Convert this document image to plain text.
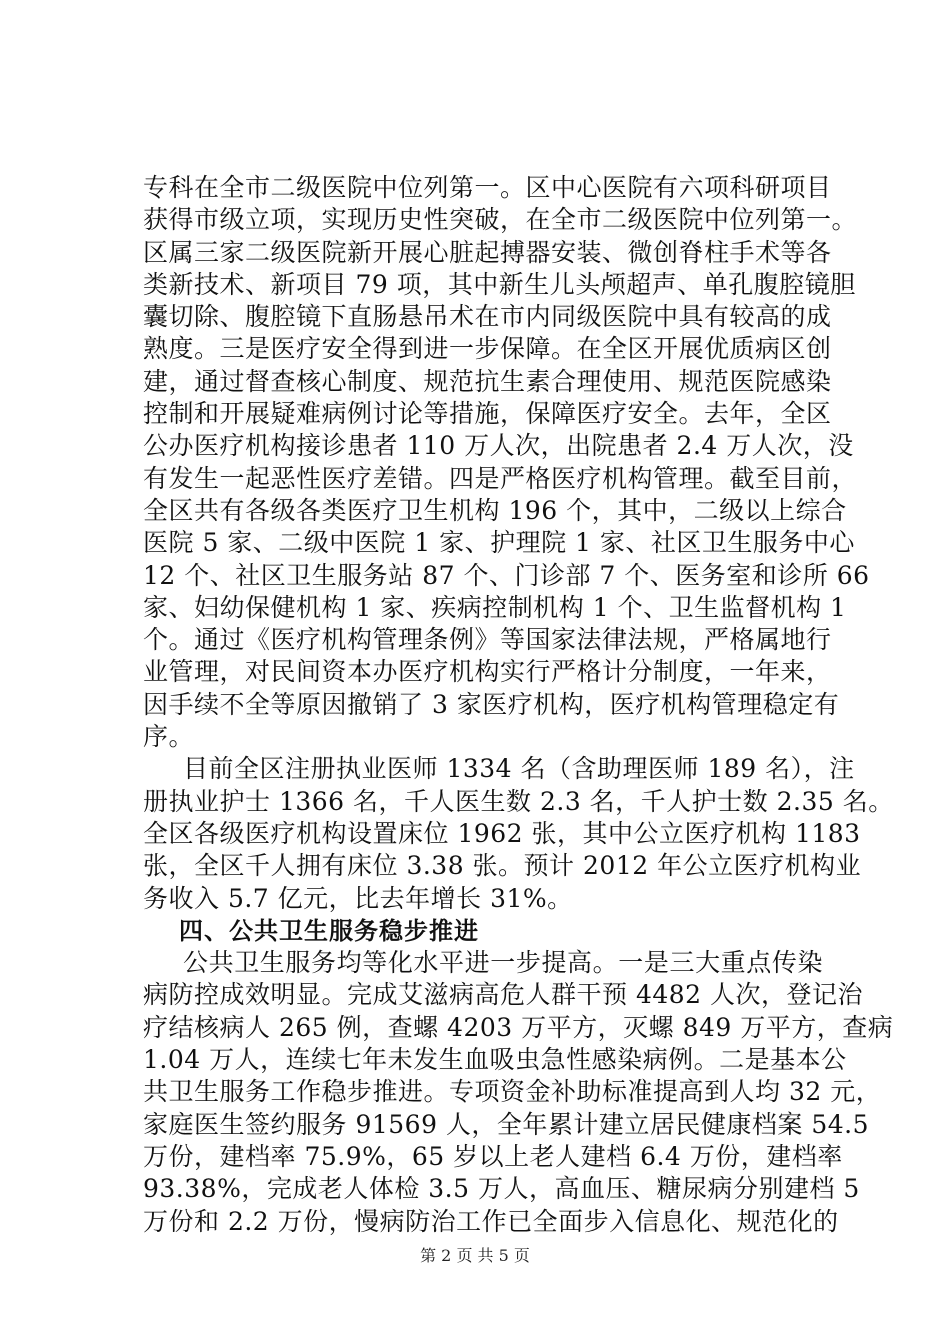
专科在全市二级医院中位列第一。区中心医院有六项科研项目
获得市级立项，实现历史性突破，在全市二级医院中位列第一。
区属三家二级医院新开展心脏起搏器安装、微创脊柱手术等各
类新技术、新项目 79 项，其中新生儿头颅超声、单孔腹腔镜胆
囊切除、腹腔镜下直肠悬吊术在市内同级医院中具有较高的成
熟度。三是医疗安全得到进一步保障。在全区开展优质病区创
建，通过督查核心制度、规范抗生素合理使用、规范医院感染
控制和开展疑难病例讨论等措施，保障医疗安全。去年，全区
公办医疗机构接诊患者 110 万人次，出院患者 2.4 万人次，没
有发生一起恶性医疗差错。四是严格医疗机构管理。截至目前，
全区共有各级各类医疗卫生机构 196 个，其中，二级以上综合
医院 5 家、二级中医院 1 家、护理院 1 家、社区卫生服务中心
12 个、社区卫生服务站 87 个、门诊部 7 个、医务室和诊所 66
家、妇幼保健机构 1 家、疾病控制机构 1 个、卫生监督机构 1
个。通过《医疗机构管理条例》等国家法律法规，严格属地行
业管理，对民间资本办医疗机构实行严格计分制度，一年来，
因手续不全等原因撤销了 3 家医疗机构，医疗机构管理稳定有
序。
目前全区注册执业医师 1334 名（含助理医师 189 名），注
册执业护士 1366 名，千人医生数 2.3 名，千人护士数 2.35 名。
全区各级医疗机构设置床位 1962 张，其中公立医疗机构 1183
张，全区千人拥有床位 3.38 张。预计 2012 年公立医疗机构业
务收入 5.7 亿元，比去年增长 31%。
四、公共卫生服务稳步推进
公共卫生服务均等化水平进一步提高。一是三大重点传染
病防控成效明显。完成艾滋病高危人群干预 4482 人次，登记治
疗结核病人 265 例，查螺 4203 万平方，灭螺 849 万平方，查病
1.04 万人，连续七年未发生血吸虫急性感染病例。二是基本公
共卫生服务工作稳步推进。专项资金补助标准提高到人均 32 元，
家庭医生签约服务 91569 人，全年累计建立居民健康档案 54.5
万份，建档率 75.9%，65 岁以上老人建档 6.4 万份，建档率
93.38%，完成老人体检 3.5 万人，高血压、糖尿病分别建档 5
万份和 2.2 万份，慢病防治工作已全面步入信息化、规范化的
第 2 页 共 5 页
